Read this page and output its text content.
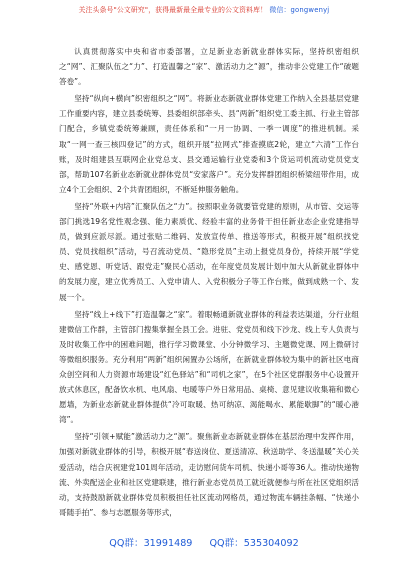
关注头条号"公文研究"，获得最新最全最专业的公文资料库！ 微信：gongwenyj

认真贯彻落实中央和省市委部署，立足新业态新就业群体实际，坚持织密组织之“网”、汇聚队伍之“力”、打造温馨之“家”、激活动力之“源”，推动非公党建工作“破题答卷”。

坚持“纵向+横向”织密组织之“网”。将新业态新就业群体党建工作纳入全县基层党建工作重要内容，建立县委统筹、县委组织部牵头、县“两新”组织党工委主抓、行业主管部门配合，乡镇党委统筹兼顾，责任体系和“一月一协调、一季一调度”的推进机制。采取“一网一查三核四登记”的方式，组织开展“拉网式”排查摸底2轮，建立“六清”工作台账，及时组建县互联网企业党总支、县交通运输行业党委和3个货运司机流动党员党支部，帮助107名新业态新就业群体党员“安家落户”。充分发挥群团组织桥梁纽带作用，成立4个工会组织、2个共青团组织，不断延伸服务触角。

坚持“外联+内培”汇聚队伍之“力”。按照职业务就要管党建的原则，从市管、交运等部门挑选19名党性观念强、能力素质优、经验丰富的业务骨干担任新业态企业党建指导员，做到应派尽派。通过张贴二维码、发放宣传单、推送等形式，积极开展“组织找党员、党员找组织”活动，号召流动党员、“隐形党员”主动上报党员身份，持续开展“学党史、感党恩、听党话、跟党走”聚民心活动，在年度党员发展计划中加大从新就业群体中的发展力度，建立优秀员工、入党申请人、入党积极分子等工作台账，做到成熟一个、发展一个。

坚持“线上+线下”打造温馨之“家”。着眼畅通新就业群体的利益表达渠道，分行业组建微信工作群，主管部门搜集掌握全县工会。进驻、党党员和线下沙龙、线上专人负责与及时收集工作中的困难问题，推行学习微课堂、小分钟微学习、主题微党课、网上微研讨等微组织服务。充分利用“两新”组织闲置办公场所，在新就业群体较为集中的新社区电商众创空间和人力资源市场建设“红色驿站”和“司机之家”，在5个社区党群服务中心设置开放式休息区，配备饮水机、电风扇、电暖等户外日常用品、桌椅、意见建议收集箱和微心愿墙，为新业态新就业群体提供“冷可取暖、热可纳凉、渴能喝水、累能歇脚”的“暖心港湾”。

坚持“引领+赋能”激活动力之“源”。聚焦新业态新就业群体在基层治理中发挥作用，加强对新就业群体的引导，积极开展“春送岗位、夏送清凉、秋送助学、冬送温暖”关心关爱活动，结合庆祝建党101周年活动，走访慰问货车司机、快递小哥等36人。推动快递物流、外卖配送企业和社区党建联建，推行新业态党员员工就近就便参与所在社区党组织活动，支持鼓励新就业群体党员积极担任社区流动网格员，通过物流车辆挂条幅、“快递小哥随手拍”、参与志愿服务等形式，

QQ群：31991489 QQ群：535304092
